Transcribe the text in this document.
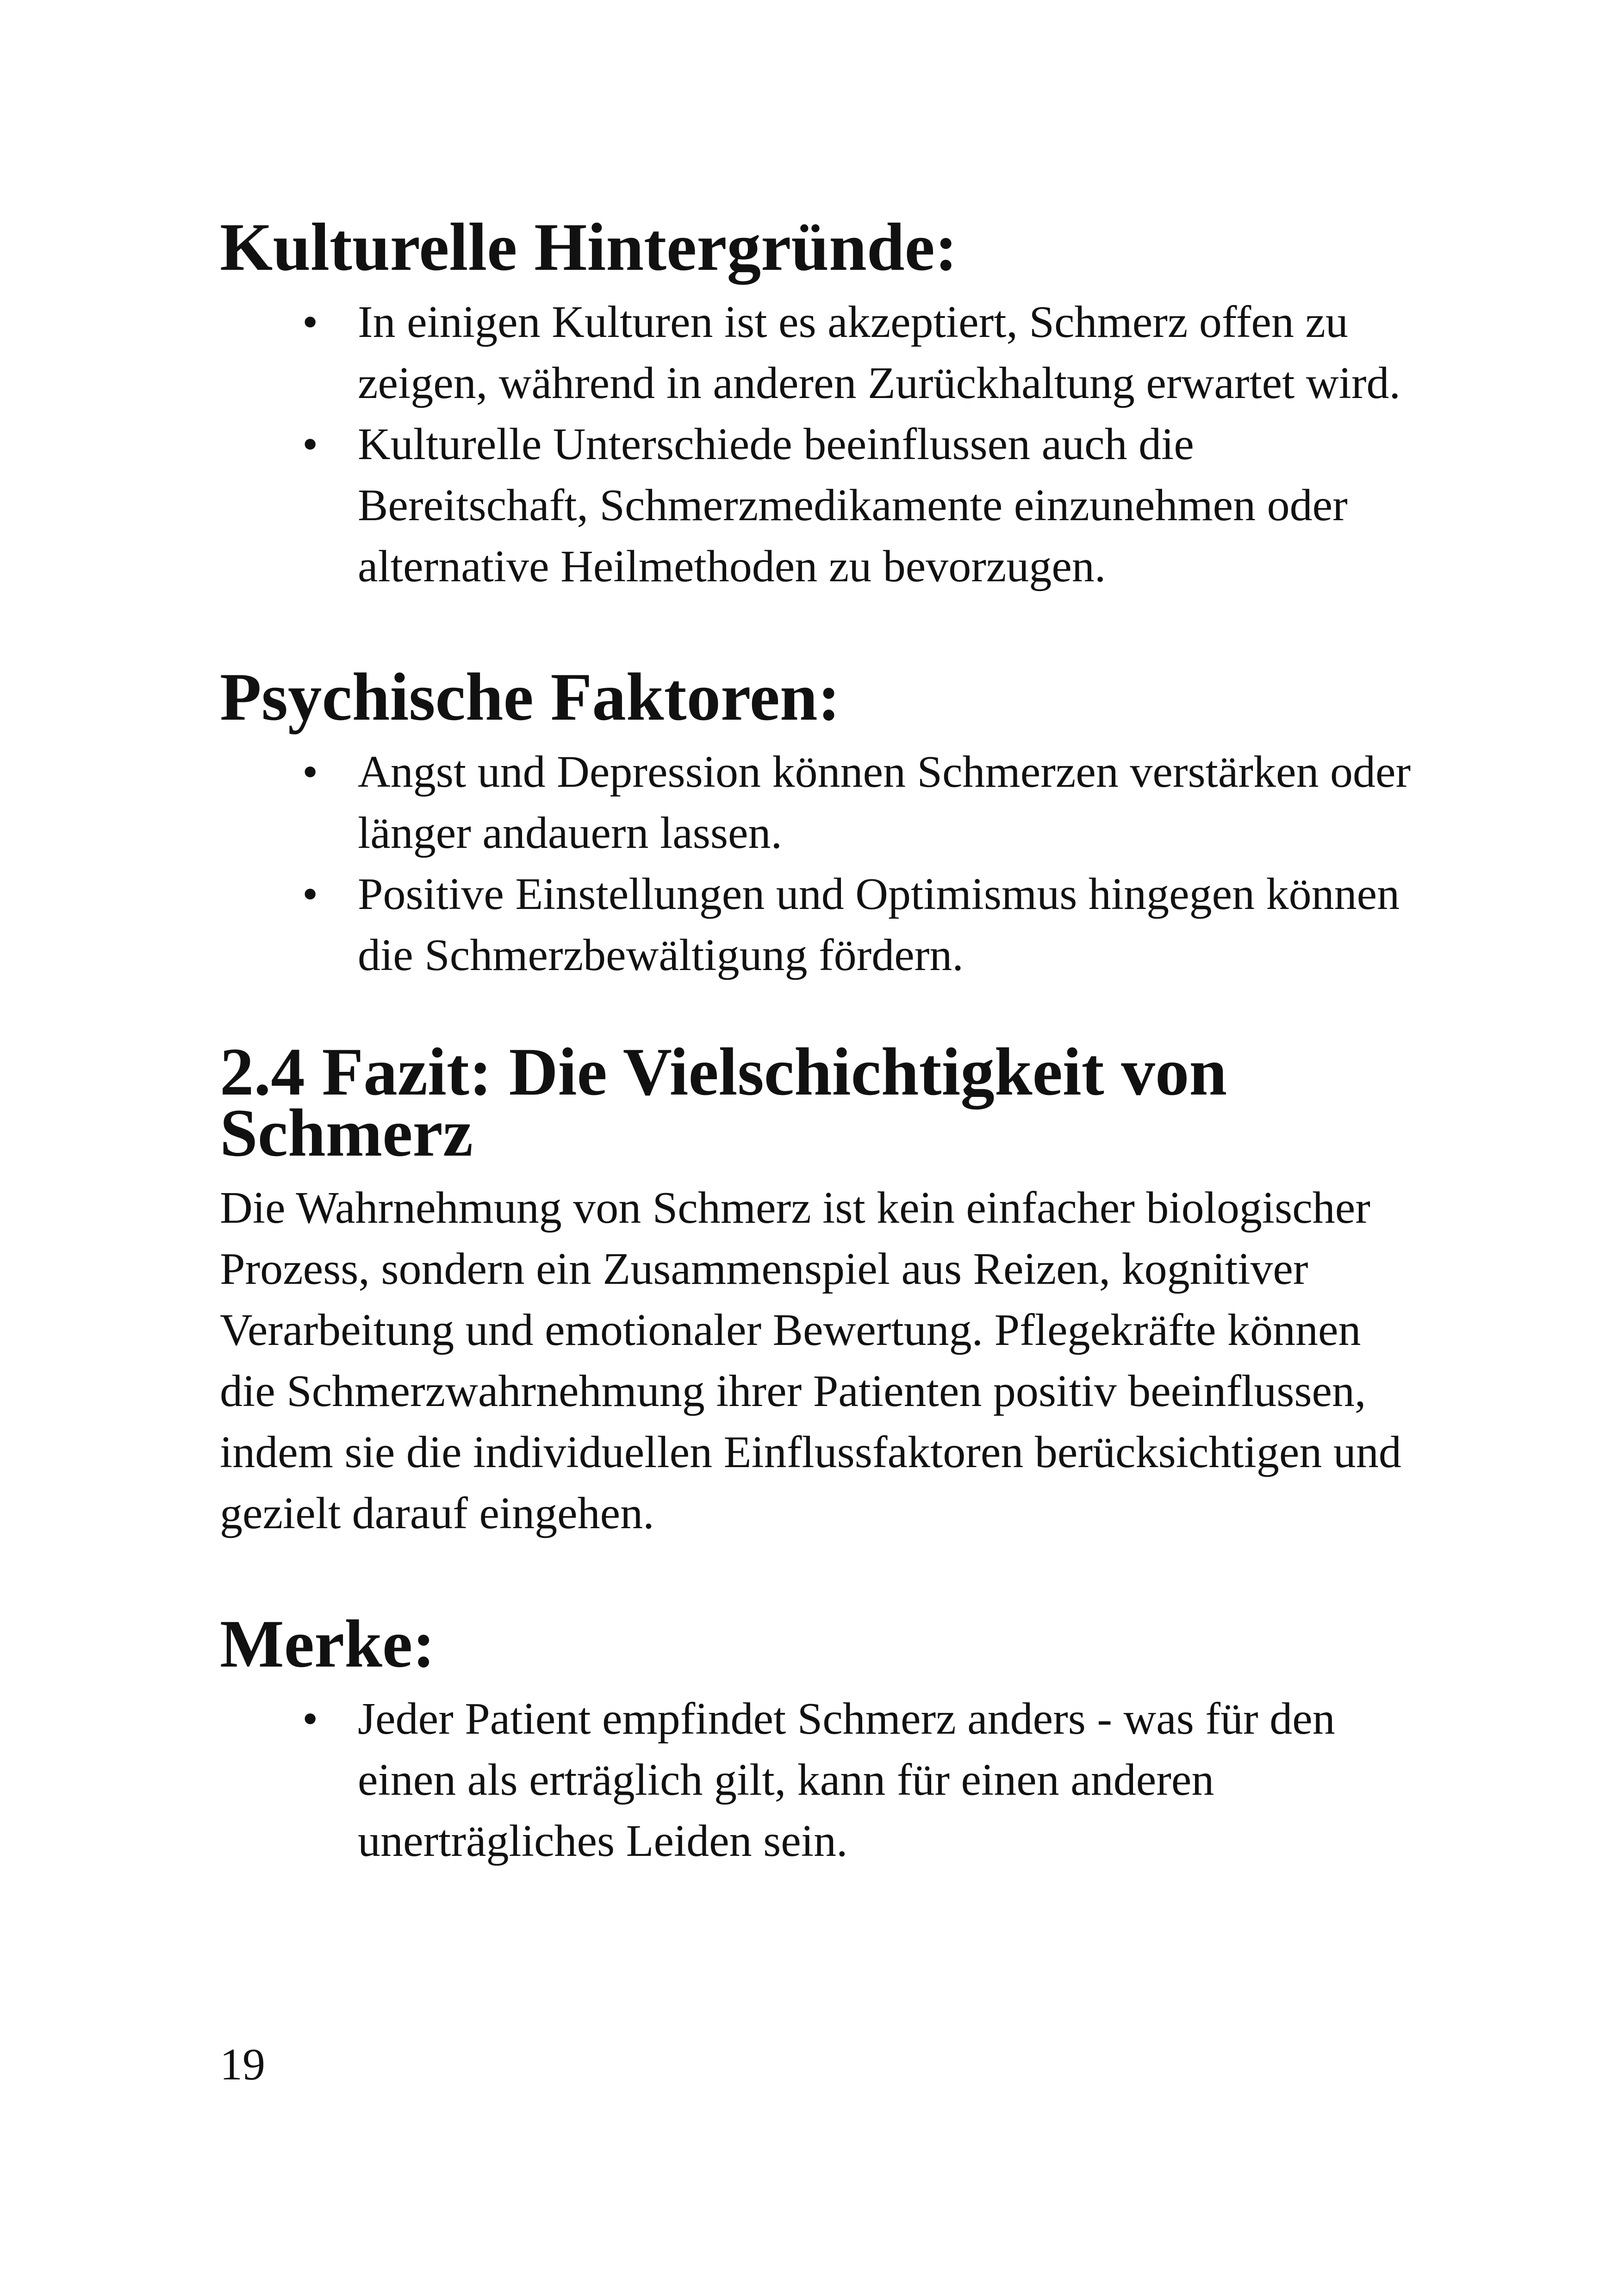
Kulturelle Hintergründe:
• In einigen Kulturen ist es akzeptiert, Schmerz offen zu zeigen, während in anderen Zurückhaltung erwartet wird.
• Kulturelle Unterschiede beeinflussen auch die Bereitschaft, Schmerzmedikamente einzunehmen oder alternative Heilmethoden zu bevorzugen.
Psychische Faktoren:
• Angst und Depression können Schmerzen verstärken oder länger andauern lassen.
• Positive Einstellungen und Optimismus hingegen können die Schmerzbewältigung fördern.
2.4 Fazit: Die Vielschichtigkeit von Schmerz

Die Wahrnehmung von Schmerz ist kein einfacher biologischer Prozess, sondern ein Zusammenspiel aus Reizen, kognitiver Verarbeitung und emotionaler Bewertung. Pflegekräfte können die Schmerzwahrnehmung ihrer Patienten positiv beeinflussen, indem sie die individuellen Einflussfaktoren berücksichtigen und gezielt darauf eingehen.

Merke:
• Jeder Patient empfindet Schmerz anders - was für den einen als erträglich gilt, kann für einen anderen unerträgliches Leiden sein.
19
